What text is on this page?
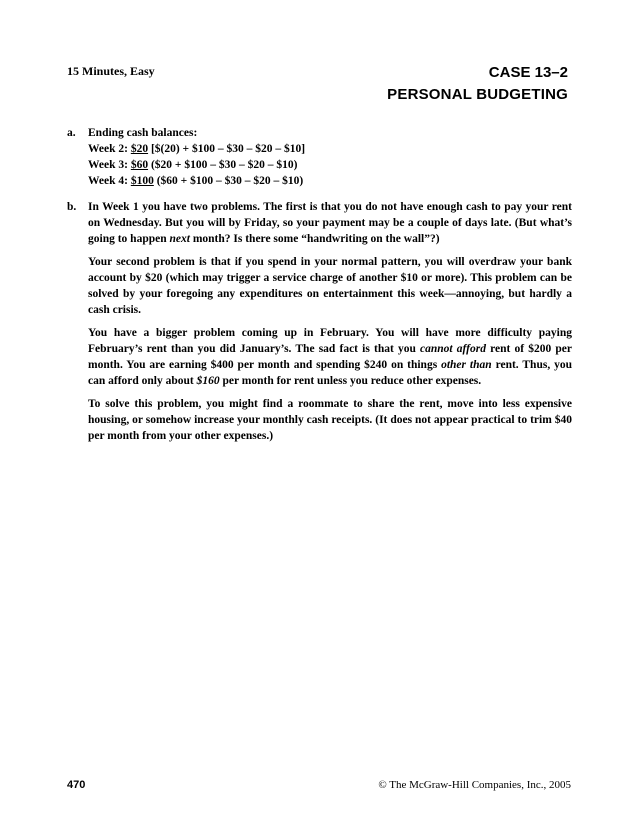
15 Minutes, Easy	CASE 13–2
PERSONAL BUDGETING
a.	Ending cash balances:
Week 2: $20 [$(20) + $100 – $30 – $20 – $10]
Week 3: $60 ($20 + $100 – $30 – $20 – $10)
Week 4: $100 ($60 + $100 – $30 – $20 – $10)
b.	In Week 1 you have two problems. The first is that you do not have enough cash to pay your rent on Wednesday. But you will by Friday, so your payment may be a couple of days late. (But what’s going to happen next month? Is there some “handwriting on the wall”?)

Your second problem is that if you spend in your normal pattern, you will overdraw your bank account by $20 (which may trigger a service charge of another $10 or more). This problem can be solved by your foregoing any expenditures on entertainment this week—annoying, but hardly a cash crisis.

You have a bigger problem coming up in February. You will have more difficulty paying February’s rent than you did January’s. The sad fact is that you cannot afford rent of $200 per month. You are earning $400 per month and spending $240 on things other than rent. Thus, you can afford only about $160 per month for rent unless you reduce other expenses.

To solve this problem, you might find a roommate to share the rent, move into less expensive housing, or somehow increase your monthly cash receipts. (It does not appear practical to trim $40 per month from your other expenses.)

470	© The McGraw-Hill Companies, Inc., 2005
